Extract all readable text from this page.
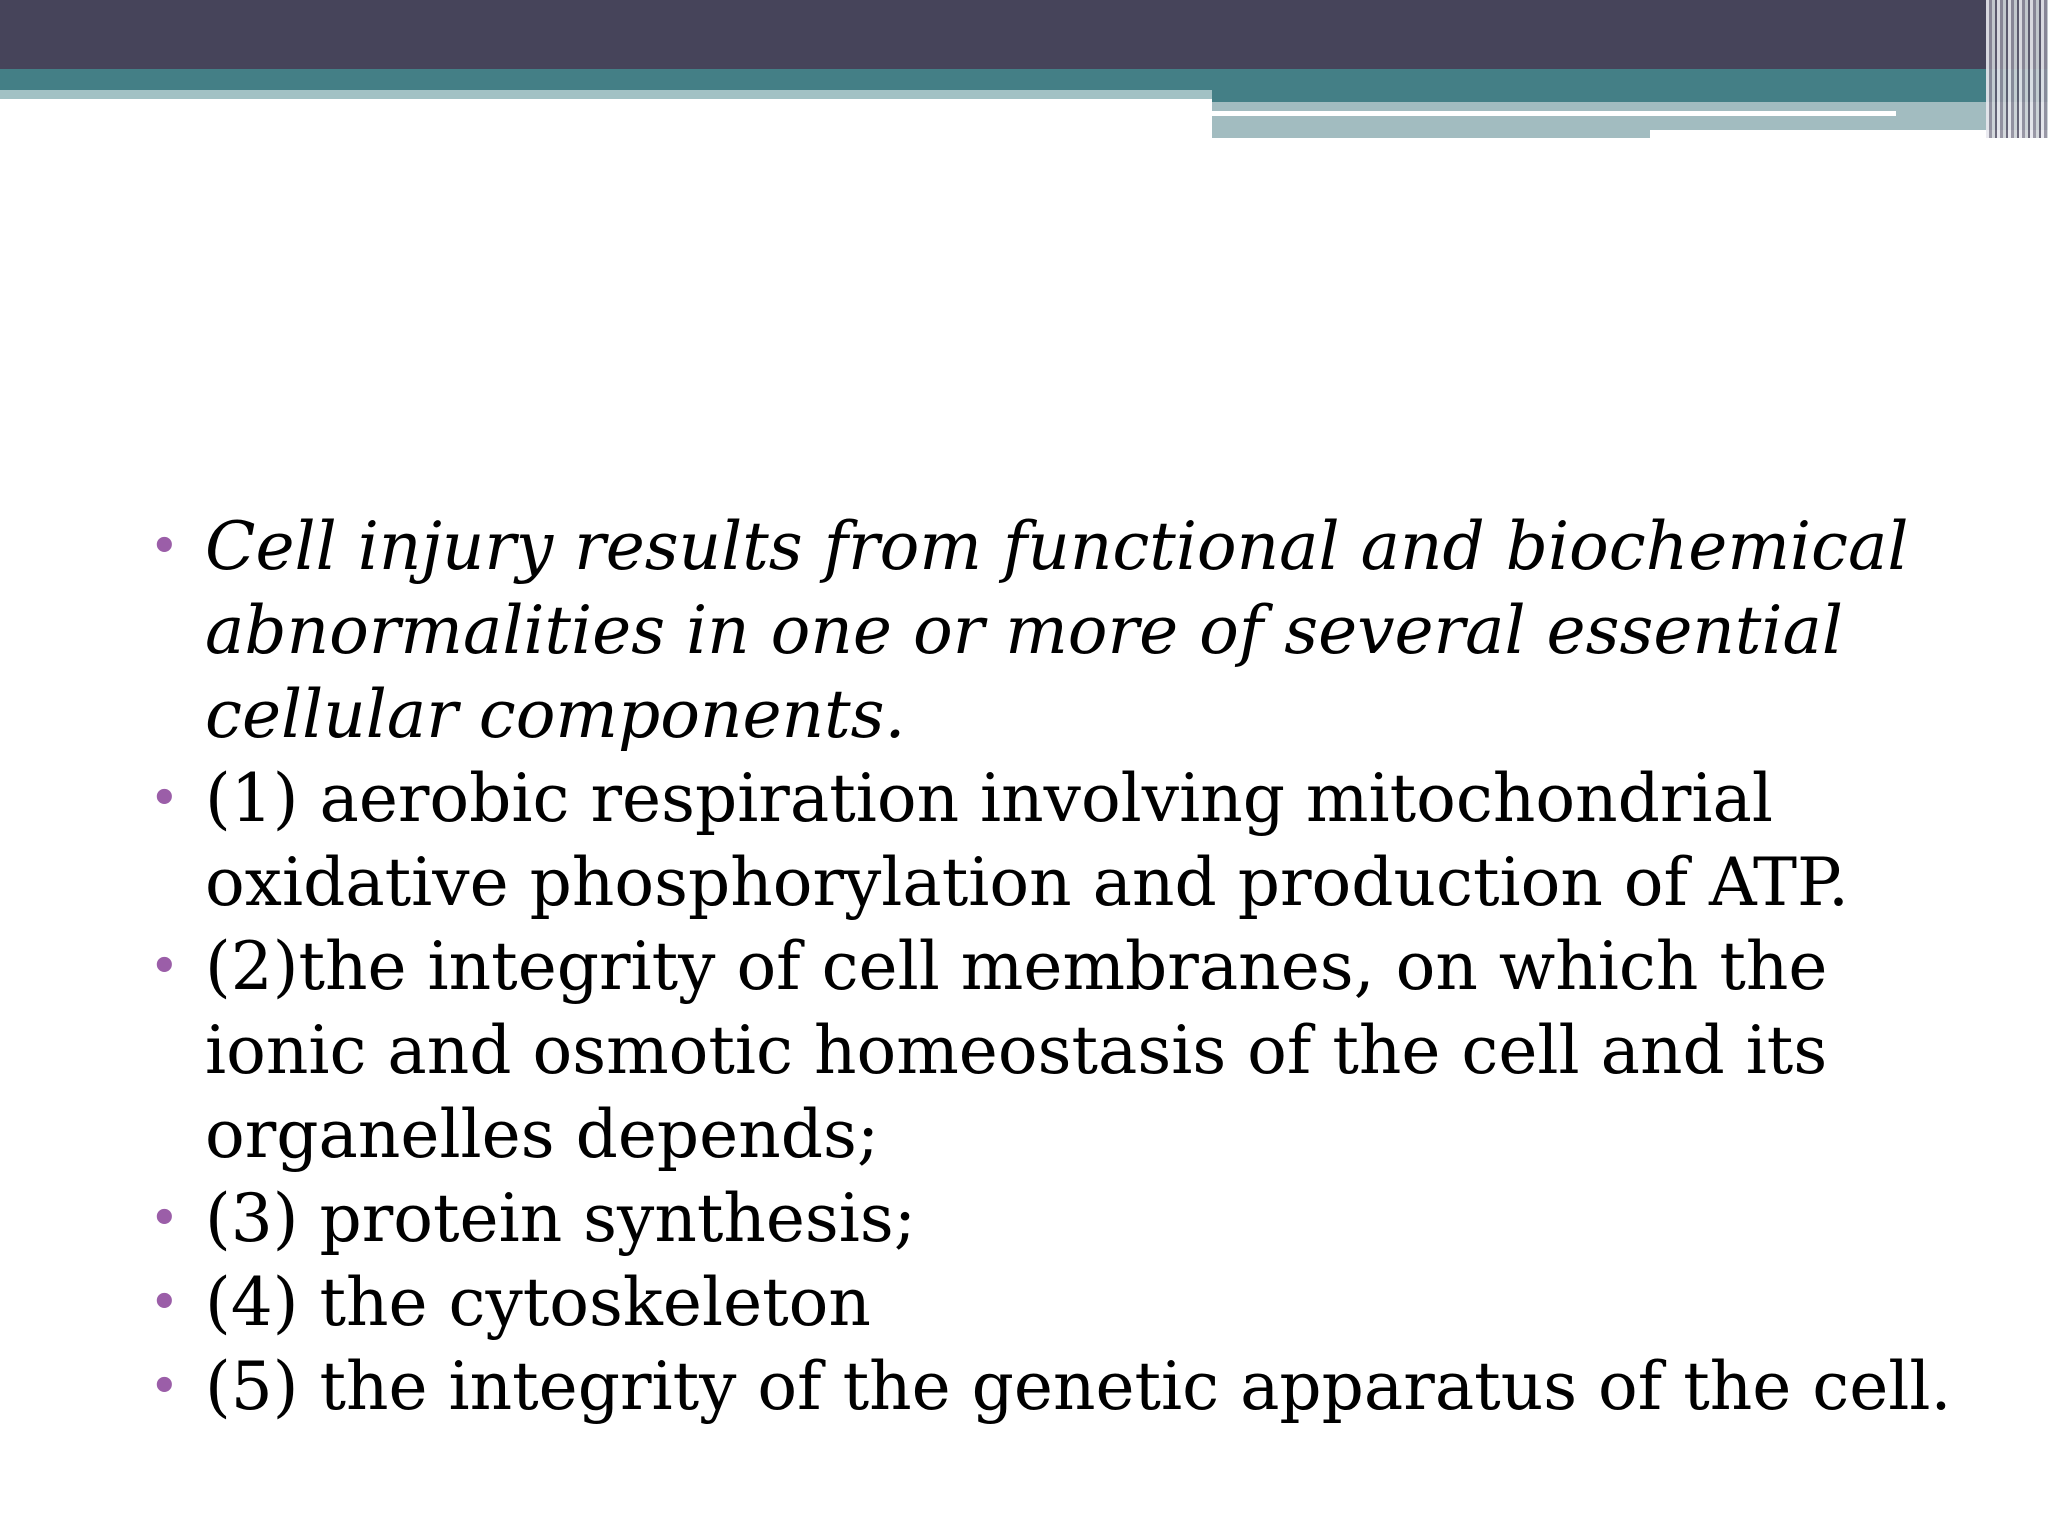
• Cell injury results from functional and biochemical abnormalities in one or more of several essential cellular components.
• (1) aerobic respiration involving mitochondrial oxidative phosphorylation and production of ATP.
• (2)the integrity of cell membranes, on which the ionic and osmotic homeostasis of the cell and its organelles depends;
• (3) protein synthesis;
• (4) the cytoskeleton
• (5) the integrity of the genetic apparatus of the cell.
